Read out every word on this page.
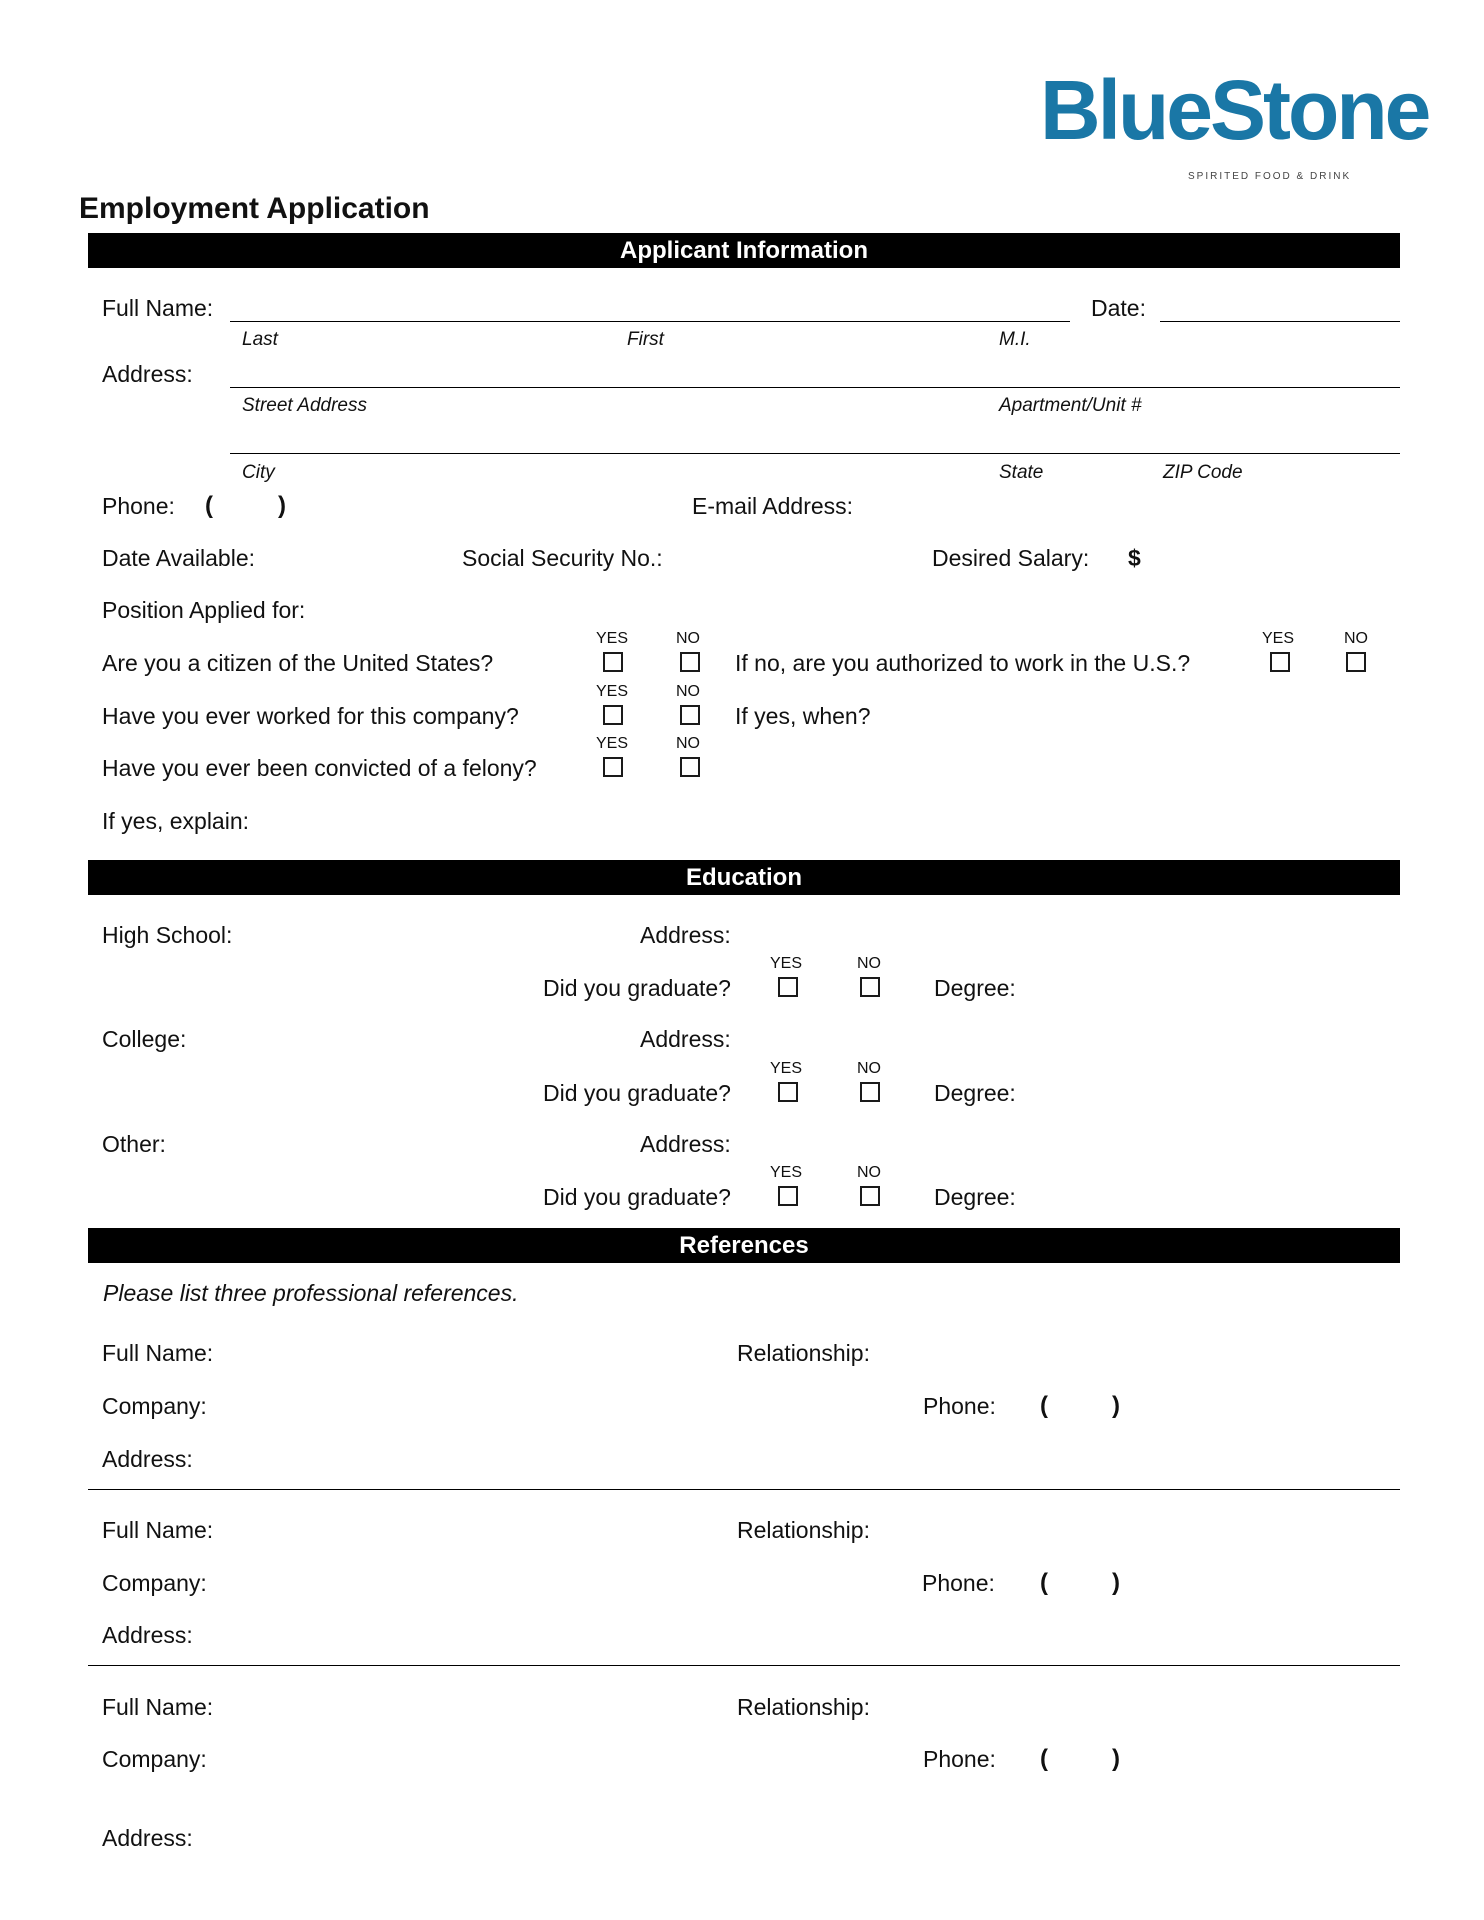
BlueStone
SPIRITED FOOD & DRINK
Employment Application
Applicant Information
Full Name:	Date:
Last	First	M.I.
Address:
Street Address	Apartment/Unit #
City	State	ZIP Code
Phone: (	)	E-mail Address:
Date Available:	Social Security No.:	Desired Salary: $
Position Applied for:
YES	NO
Are you a citizen of the United States?	If no, are you authorized to work in the U.S.?
YES	NO
YES	NO
Have you ever worked for this company?	If yes, when?
YES	NO
Have you ever been convicted of a felony?
If yes, explain:
Education
High School:	Address:
YES	NO
Did you graduate?	Degree:
College:	Address:
YES	NO
Did you graduate?	Degree:
Other:	Address:
YES	NO
Did you graduate?	Degree:
References
Please list three professional references.
Full Name:	Relationship:
Company:	Phone: (	)
Address:
Full Name:	Relationship:
Company:	Phone: (	)
Address:
Full Name:	Relationship:
Company:	Phone: (	)
Address:
